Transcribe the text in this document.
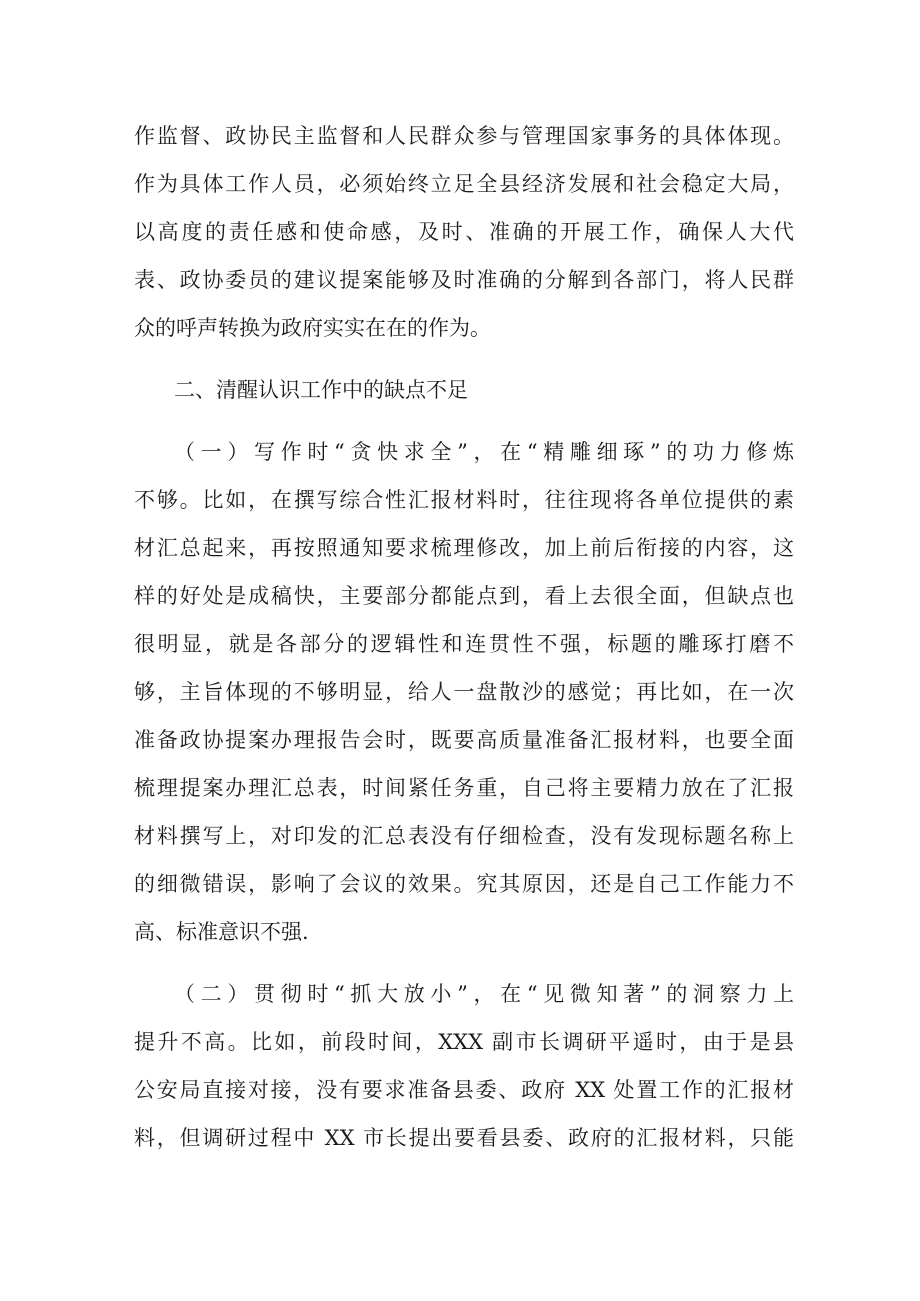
作监督、政协民主监督和人民群众参与管理国家事务的具体体现。
作为具体工作人员，必须始终立足全县经济发展和社会稳定大局，
以高度的责任感和使命感，及时、准确的开展工作，确保人大代
表、政协委员的建议提案能够及时准确的分解到各部门，将人民群
众的呼声转换为政府实实在在的作为。
二、清醒认识工作中的缺点不足
（一）写作时“贪快求全”，在“精雕细琢”的功力修炼
不够。比如，在撰写综合性汇报材料时，往往现将各单位提供的素
材汇总起来，再按照通知要求梳理修改，加上前后衔接的内容，这
样的好处是成稿快，主要部分都能点到，看上去很全面，但缺点也
很明显，就是各部分的逻辑性和连贯性不强，标题的雕琢打磨不
够，主旨体现的不够明显，给人一盘散沙的感觉；再比如，在一次
准备政协提案办理报告会时，既要高质量准备汇报材料，也要全面
梳理提案办理汇总表，时间紧任务重，自己将主要精力放在了汇报
材料撰写上，对印发的汇总表没有仔细检查，没有发现标题名称上
的细微错误，影响了会议的效果。究其原因，还是自己工作能力不
高、标准意识不强.
（二）贯彻时“抓大放小”，在“见微知著”的洞察力上
提升不高。比如，前段时间，XXX 副市长调研平遥时，由于是县
公安局直接对接，没有要求准备县委、政府 XX 处置工作的汇报材
料，但调研过程中 XX 市长提出要看县委、政府的汇报材料，只能
